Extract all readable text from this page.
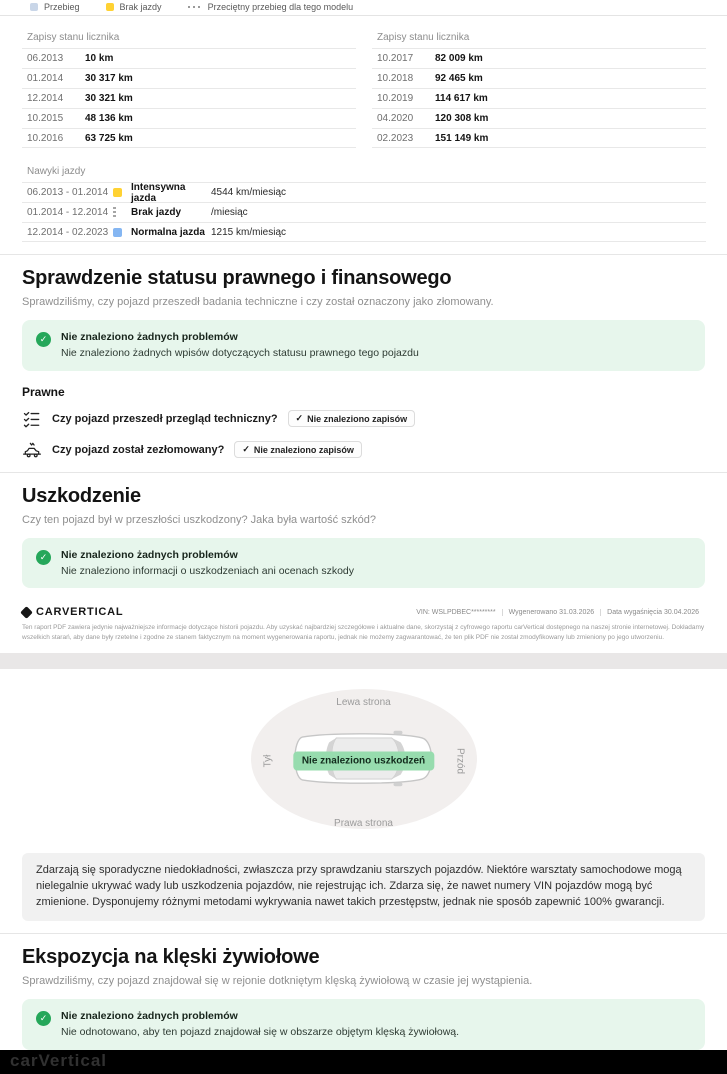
Przebieg	Brak jazdy	Przeciętny przebieg dla tego modelu
Zapisy stanu licznika
06.2013	10 km
01.2014	30 317 km
12.2014	30 321 km
10.2015	48 136 km
10.2016	63 725 km
Zapisy stanu licznika
10.2017	82 009 km
10.2018	92 465 km
10.2019	114 617 km
04.2020	120 308 km
02.2023	151 149 km
Nawyki jazdy
06.2013 - 01.2014	Intensywna jazda	4544 km/miesiąc
01.2014 - 12.2014	Brak jazdy	/miesiąc
12.2014 - 02.2023	Normalna jazda 1215 km/miesiąc
Sprawdzenie statusu prawnego i finansowego

Sprawdziliśmy, czy pojazd przeszedł badania techniczne i czy został oznaczony jako złomowany.

✓	Nie znaleziono żadnych problemów
Nie znaleziono żadnych wpisów dotyczących statusu prawnego tego pojazdu
Prawne
Czy pojazd przeszedł przegląd techniczny? ✓ Nie znaleziono zapisów
Czy pojazd został zezłomowany? ✓ Nie znaleziono zapisów
Uszkodzenie

Czy ten pojazd był w przeszłości uszkodzony? Jaka była wartość szkód?

✓	Nie znaleziono żadnych problemów
Nie znaleziono informacji o uszkodzeniach ani ocenach szkody
CARVERTICAL	VIN: WSLPDBEC*********	Wygenerowano 31.03.2026	Data wygaśnięcia 30.04.2026
Ten raport PDF zawiera jedynie najważniejsze informacje dotyczące historii pojazdu. Aby uzyskać najbardziej szczegółowe i aktualne dane, skorzystaj z cyfrowego raportu carVertical dostępnego na naszej stronie internetowej. Dokładamy wszelkich starań, aby dane były rzetelne i zgodne ze stanem faktycznym na moment wygenerowania raportu, jednak nie możemy zagwarantować, że ten plik PDF nie został zmodyfikowany lub zmieniony po jego utworzeniu.
Lewa strona
Prawa strona
Tył	Przód
Nie znaleziono uszkodzeń
Zdarzają się sporadyczne niedokładności, zwłaszcza przy sprawdzaniu starszych pojazdów. Niektóre warsztaty samochodowe mogą nielegalnie ukrywać wady lub uszkodzenia pojazdów, nie rejestrując ich. Zdarza się, że nawet numery VIN pojazdów mogą być zmienione. Dysponujemy różnymi metodami wykrywania nawet takich przestępstw, jednak nie sposób zapewnić 100% gwarancji.
Ekspozycja na klęski żywiołowe

Sprawdziliśmy, czy pojazd znajdował się w rejonie dotkniętym klęską żywiołową w czasie jej wystąpienia.

✓	Nie znaleziono żadnych problemów
Nie odnotowano, aby ten pojazd znajdował się w obszarze objętym klęską żywiołową.
carVertical
